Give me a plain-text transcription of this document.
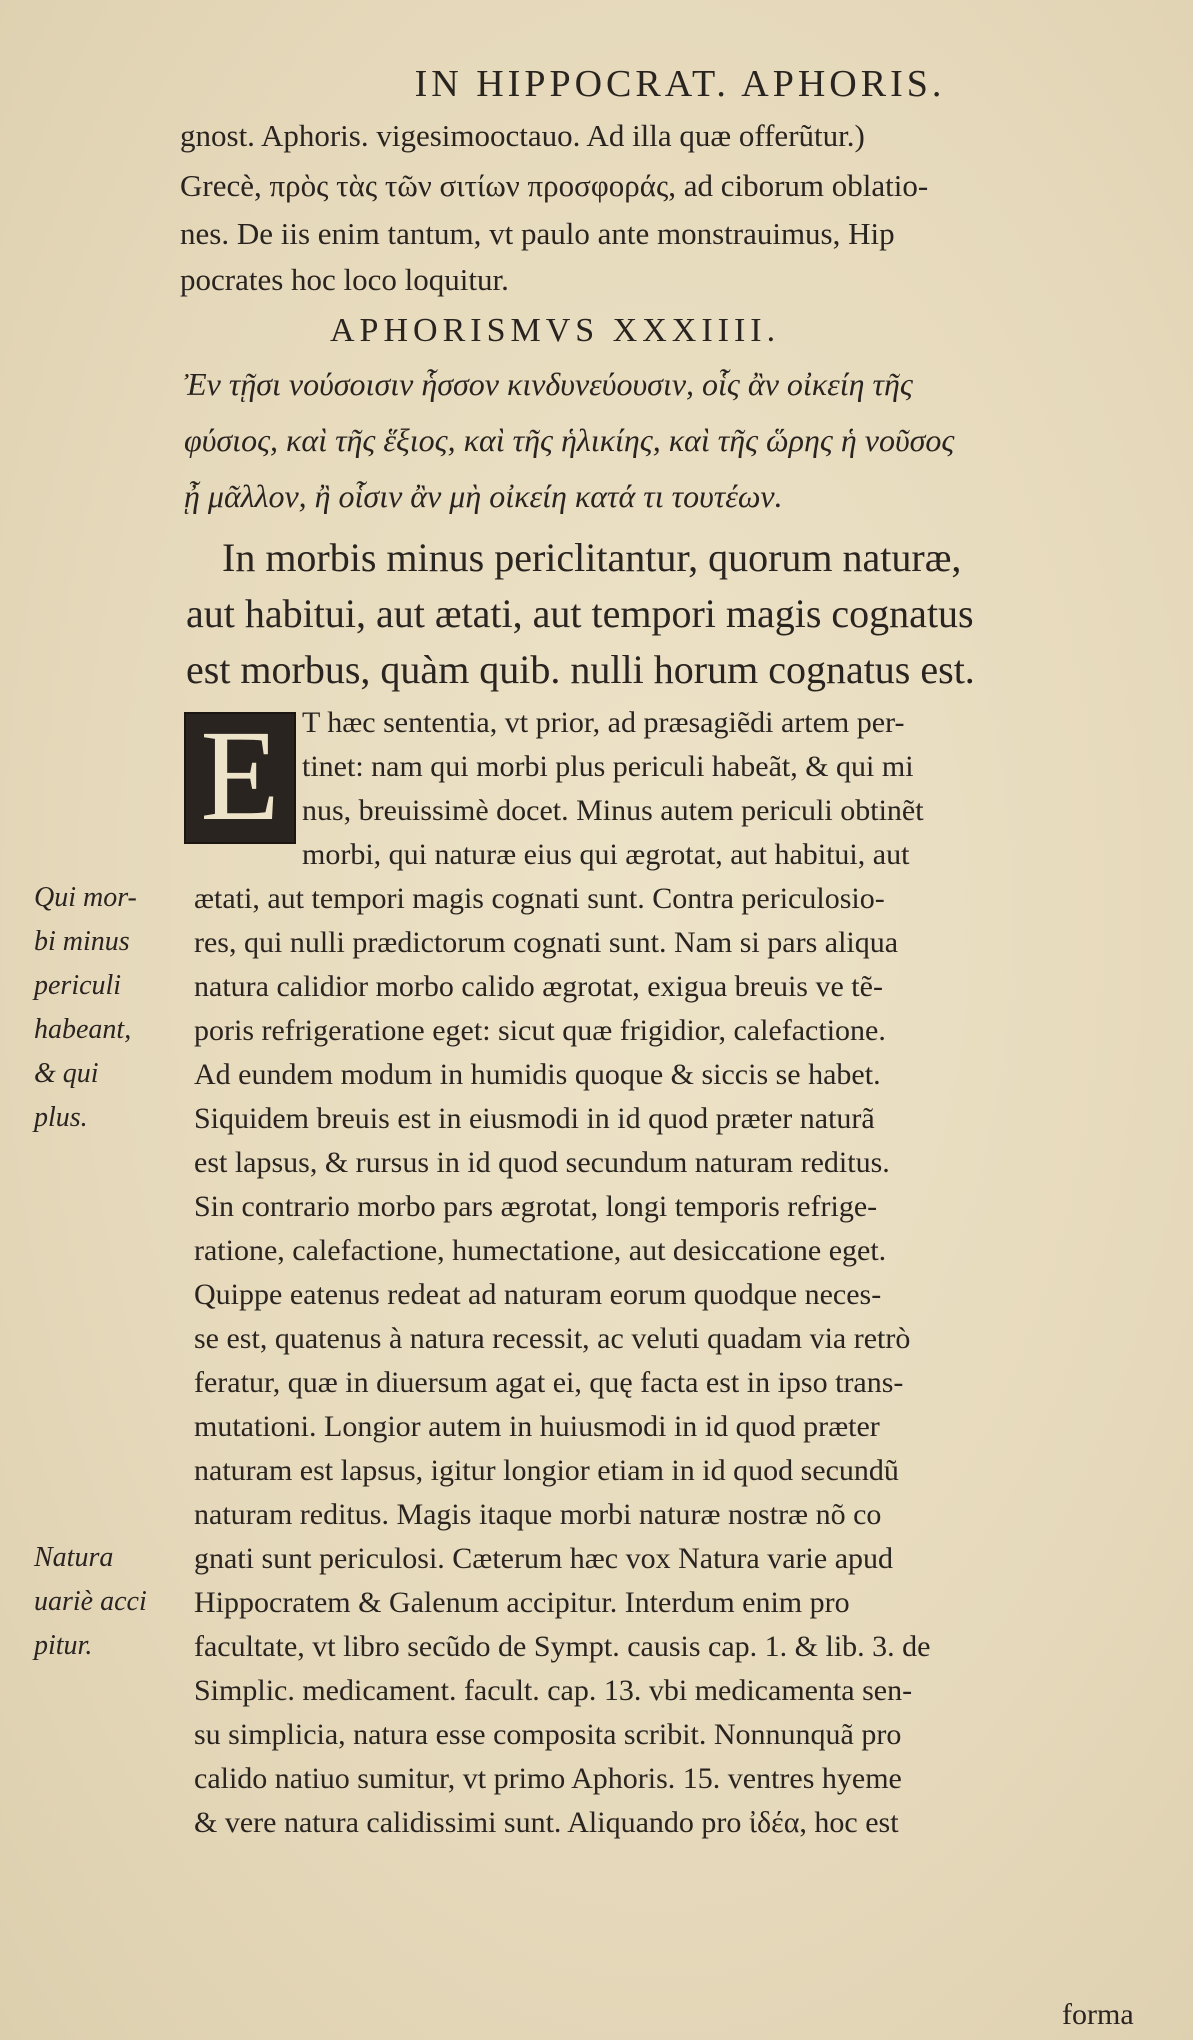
IN HIPPOCRAT. APHORIS.
gnost. Aphoris. vigesimooctauo. Ad illa quæ offerũtur.)
Grecè, πρὸς τὰς τῶν σιτίων προσφοράς, ad ciborum oblatio-
nes. De iis enim tantum, vt paulo ante monstrauimus, Hip
pocrates hoc loco loquitur.
APHORISMVS XXXIIII.
Ἐν τῇσι νούσοισιν ἧσσον κινδυνεύουσιν, οἷς ἂν οἰκείη τῆς
φύσιος, καὶ τῆς ἕξιος, καὶ τῆς ἡλικίης, καὶ τῆς ὥρης ἡ νοῦσος
ᾖ μᾶλλον, ἢ οἷσιν ἂν μὴ οἰκείη κατά τι τουτέων.
In morbis minus periclitantur, quorum naturæ,
aut habitui, aut ætati, aut tempori magis cognatus
est morbus, quàm quib. nulli horum cognatus est.
E T hæc sententia, vt prior, ad præsagiẽdi artem per-
tinet: nam qui morbi plus periculi habeãt, & qui mi
nus, breuissimè docet. Minus autem periculi obtinẽt
morbi, qui naturæ eius qui ægrotat, aut habitui, aut
ætati, aut tempori magis cognati sunt. Contra periculosio-
res, qui nulli prædictorum cognati sunt. Nam si pars aliqua
natura calidior morbo calido ægrotat, exigua breuis ve tẽ-
poris refrigeratione eget: sicut quæ frigidior, calefactione.
Ad eundem modum in humidis quoque & siccis se habet.
Siquidem breuis est in eiusmodi in id quod præter naturã
est lapsus, & rursus in id quod secundum naturam reditus.
Sin contrario morbo pars ægrotat, longi temporis refrige-
ratione, calefactione, humectatione, aut desiccatione eget.
Quippe eatenus redeat ad naturam eorum quodque neces-
se est, quatenus à natura recessit, ac veluti quadam via retrò
feratur, quæ in diuersum agat ei, quę facta est in ipso trans-
mutationi. Longior autem in huiusmodi in id quod præter
naturam est lapsus, igitur longior etiam in id quod secundũ
naturam reditus. Magis itaque morbi naturæ nostræ nõ co
gnati sunt periculosi. Cæterum hæc vox Natura varie apud
Hippocratem & Galenum accipitur. Interdum enim pro
facultate, vt libro secũdo de Sympt. causis cap. 1. & lib. 3. de
Simplic. medicament. facult. cap. 13. vbi medicamenta sen-
su simplicia, natura esse composita scribit. Nonnunquã pro
calido natiuo sumitur, vt primo Aphoris. 15. ventres hyeme
& vere natura calidissimi sunt. Aliquando pro ἰδέα, hoc est
forma
Qui mor-
bi minus
periculi
habeant,
& qui
plus.
Natura
uariè acci
pitur.
